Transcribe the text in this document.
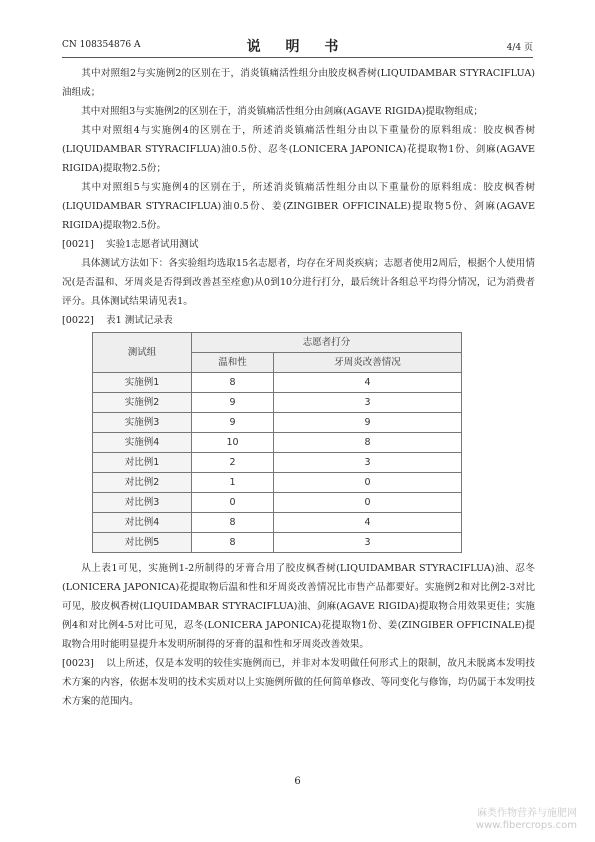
CN 108354876 A	说 明 书	4/4 页

其中对照组2与实施例2的区别在于，消炎镇痛活性组分由胶皮枫香树(LIQUIDAMBAR STYRACIFLUA)油组成；

其中对照组3与实施例2的区别在于，消炎镇痛活性组分由剑麻(AGAVE RIGIDA)提取物组成；

其中对照组4与实施例4的区别在于，所述消炎镇痛活性组分由以下重量份的原料组成：胶皮枫香树(LIQUIDAMBAR STYRACIFLUA)油0.5份、忍冬(LONICERA JAPONICA)花提取物1份、剑麻(AGAVE RIGIDA)提取物2.5份；

其中对照组5与实施例4的区别在于，所述消炎镇痛活性组分由以下重量份的原料组成：胶皮枫香树(LIQUIDAMBAR STYRACIFLUA)油0.5份、姜(ZINGIBER OFFICINALE)提取物5份、剑麻(AGAVE RIGIDA)提取物2.5份。

[0021] 实验1志愿者试用测试

具体测试方法如下：各实验组均选取15名志愿者，均存在牙周炎疾病；志愿者使用2周后，根据个人使用情况(是否温和、牙周炎是否得到改善甚至痊愈)从0到10分进行打分，最后统计各组总平均得分情况，记为消费者评分。具体测试结果请见表1。

[0022] 表1 测试记录表

测试组	志愿者打分	
	温和性	牙周炎改善情况
实施例1	8	4
实施例2	9	3
实施例3	9	9
实施例4	10	8
对比例1	2	3
对比例2	1	0
对比例3	0	0
对比例4	8	4
对比例5	8	3

从上表1可见，实施例1-2所制得的牙膏合用了胶皮枫香树(LIQUIDAMBAR STYRACIFLUA)油、忍冬(LONICERA JAPONICA)花提取物后温和性和牙周炎改善情况比市售产品都要好。实施例2和对比例2-3对比可见，胶皮枫香树(LIQUIDAMBAR STYRACIFLUA)油、剑麻(AGAVE RIGIDA)提取物合用效果更佳；实施例4和对比例4-5对比可见，忍冬(LONICERA JAPONICA)花提取物1份、姜(ZINGIBER OFFICINALE)提取物合用时能明显提升本发明所制得的牙膏的温和性和牙周炎改善效果。

[0023] 以上所述，仅是本发明的较佳实施例而已，并非对本发明做任何形式上的限制，故凡未脱离本发明技术方案的内容，依据本发明的技术实质对以上实施例所做的任何简单修改、等同变化与修饰，均仍属于本发明技术方案的范围内。

6
麻类作物营养与施肥网
www.fibercrops.com
